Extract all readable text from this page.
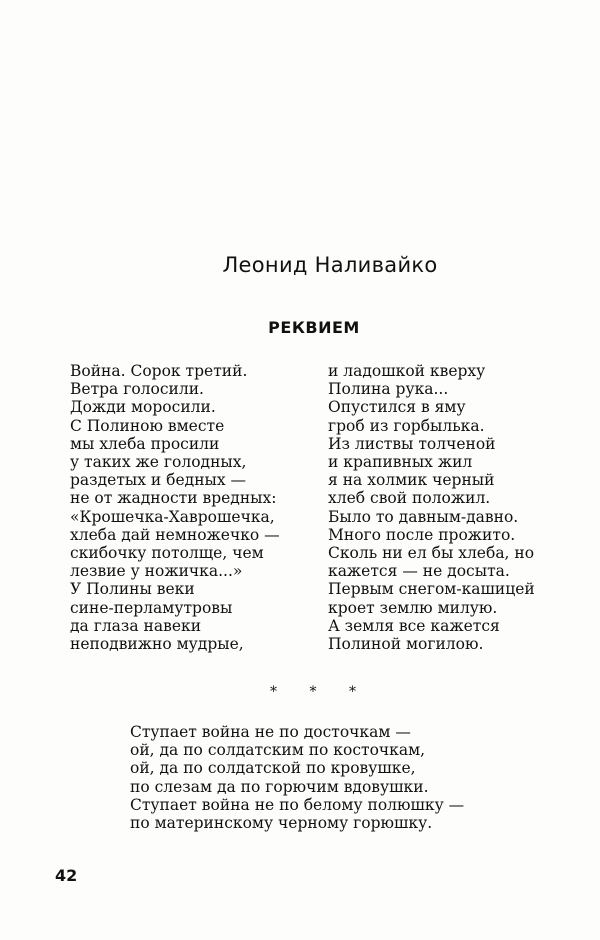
Леонид Наливайко
РЕКВИЕМ
Война. Сорок третий.
Ветра голосили.
Дожди моросили.
С Полиною вместе
мы хлеба просили
у таких же голодных,
раздетых и бедных —
не от жадности вредных:
«Крошечка-Хаврошечка,
хлеба дай немножечко —
скибочку потолще, чем
лезвие у ножичка...»
У Полины веки
сине-перламутровы
да глаза навеки
неподвижно мудрые,
и ладошкой кверху
Полина рука...
Опустился в яму
гроб из горбылька.
Из листвы толченой
и крапивных жил
я на холмик черный
хлеб свой положил.
Было то давным-давно.
Много после прожито.
Сколь ни ел бы хлеба, но
кажется — не досыта.
Первым снегом-кашицей
кроет землю милую.
А земля все кажется
Полиной могилою.
* * *
Ступает война не по досточкам —
ой, да по солдатским по косточкам,
ой, да по солдатской по кровушке,
по слезам да по горючим вдовушки.
Ступает война не по белому полюшку —
по материнскому черному горюшку.
42
